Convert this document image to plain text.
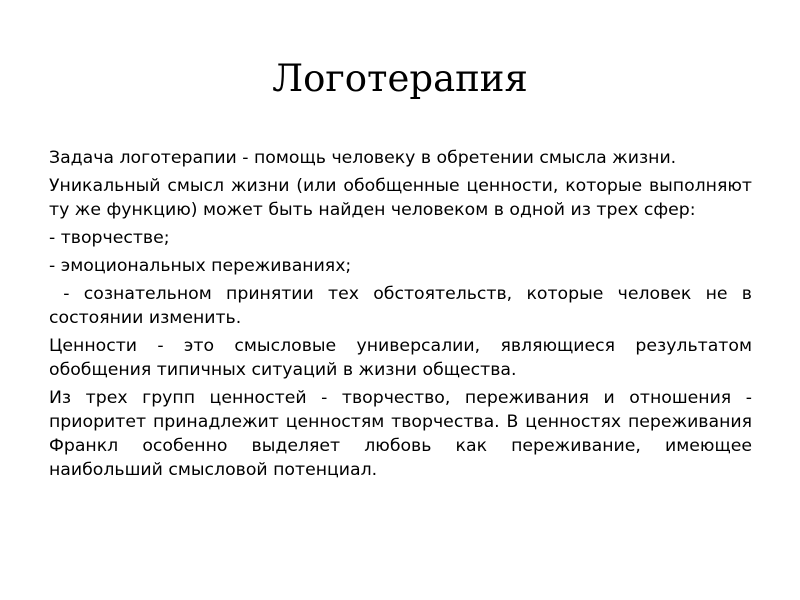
Логотерапия

Задача логотерапии - помощь человеку в обретении смысла жизни.

Уникальный смысл жизни (или обобщенные ценности, которые выполняют ту же функцию) может быть найден человеком в одной из трех сфер:

- творчестве;

- эмоциональных переживаниях;

- сознательном принятии тех обстоятельств, которые человек не в состоянии изменить.

Ценности - это смысловые универсалии, являющиеся результатом обобщения типичных ситуаций в жизни общества.

Из трех групп ценностей - творчество, переживания и отношения - приоритет принадлежит ценностям творчества. В ценностях переживания Франкл особенно выделяет любовь как переживание, имеющее наибольший смысловой потенциал.
